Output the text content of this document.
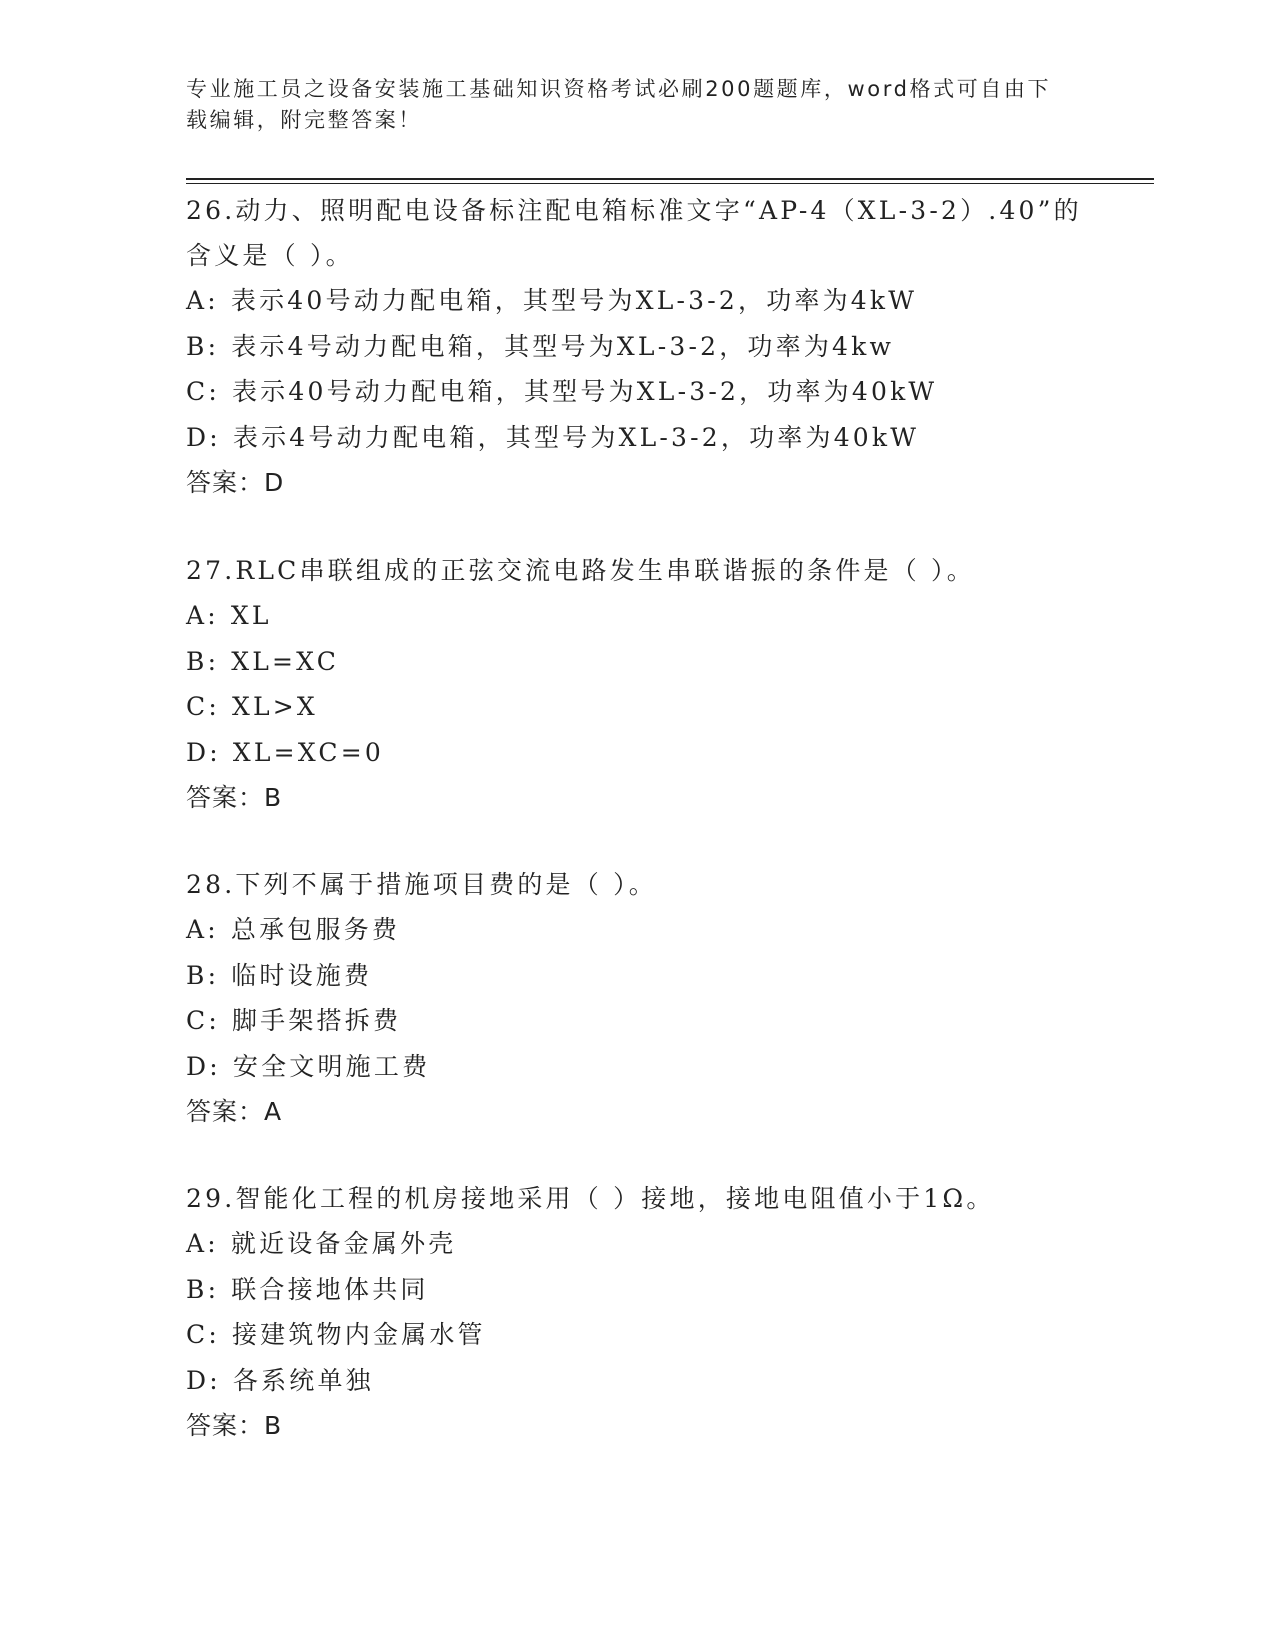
专业施工员之设备安装施工基础知识资格考试必刷200题题库，word格式可自由下载编辑，附完整答案！

26.动力、照明配电设备标注配电箱标准文字“AP-4（XL-3-2）.40”的含义是（ ）。

A: 表示40号动力配电箱，其型号为XL-3-2，功率为4kW

B: 表示4号动力配电箱，其型号为XL-3-2，功率为4kw

C: 表示40号动力配电箱，其型号为XL-3-2，功率为40kW

D: 表示4号动力配电箱，其型号为XL-3-2，功率为40kW

答案：D

27.RLC串联组成的正弦交流电路发生串联谐振的条件是（ ）。

A: XL

B: XL=XC

C: XL>X

D: XL=XC=0

答案：B

28.下列不属于措施项目费的是（ ）。

A: 总承包服务费

B: 临时设施费

C: 脚手架搭拆费

D: 安全文明施工费

答案：A

29.智能化工程的机房接地采用（ ）接地，接地电阻值小于1Ω。

A: 就近设备金属外壳

B: 联合接地体共同

C: 接建筑物内金属水管

D: 各系统单独

答案：B
